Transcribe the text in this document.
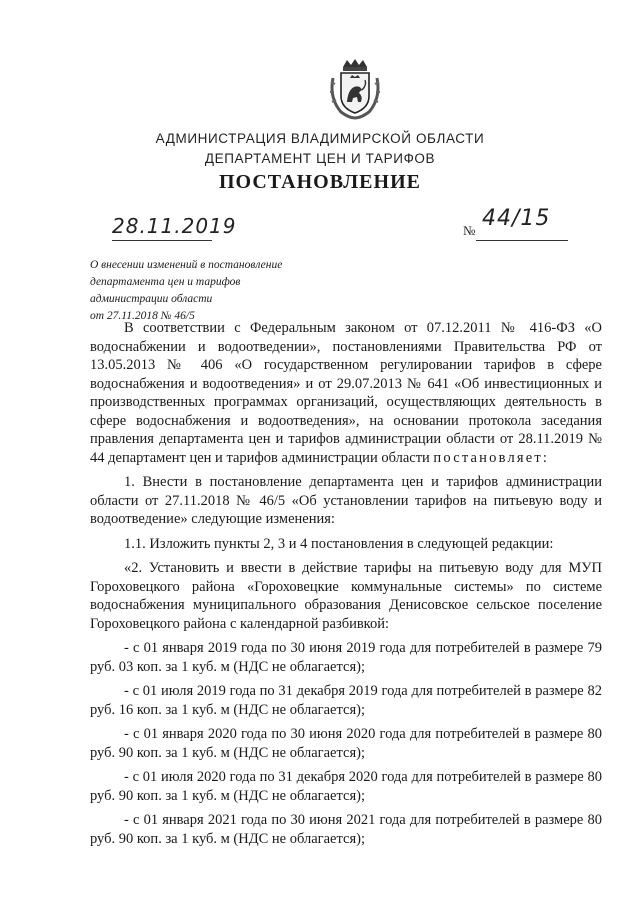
АДМИНИСТРАЦИЯ ВЛАДИМИРСКОЙ ОБЛАСТИ
ДЕПАРТАМЕНТ ЦЕН И ТАРИФОВ
ПОСТАНОВЛЕНИЕ
28.11.2019	№ 44/15
О внесении изменений в постановление
департамента цен и тарифов
администрации области
от 27.11.2018 № 46/5

В соответствии с Федеральным законом от 07.12.2011 № 416-ФЗ «О водоснабжении и водоотведении», постановлениями Правительства РФ от 13.05.2013 № 406 «О государственном регулировании тарифов в сфере водоснабжения и водоотведения» и от 29.07.2013 № 641 «Об инвестиционных и производственных программах организаций, осуществляющих деятельность в сфере водоснабжения и водоотведения», на основании протокола заседания правления департамента цен и тарифов администрации области от 28.11.2019 № 44 департамент цен и тарифов администрации области постановляет:

1. Внести в постановление департамента цен и тарифов администрации области от 27.11.2018 № 46/5 «Об установлении тарифов на питьевую воду и водоотведение» следующие изменения:

1.1. Изложить пункты 2, 3 и 4 постановления в следующей редакции:

«2. Установить и ввести в действие тарифы на питьевую воду для МУП Гороховецкого района «Гороховецкие коммунальные системы» по системе водоснабжения муниципального образования Денисовское сельское поселение Гороховецкого района с календарной разбивкой:

- с 01 января 2019 года по 30 июня 2019 года для потребителей в размере 79 руб. 03 коп. за 1 куб. м (НДС не облагается);

- с 01 июля 2019 года по 31 декабря 2019 года для потребителей в размере 82 руб. 16 коп. за 1 куб. м (НДС не облагается);

- с 01 января 2020 года по 30 июня 2020 года для потребителей в размере 80 руб. 90 коп. за 1 куб. м (НДС не облагается);

- с 01 июля 2020 года по 31 декабря 2020 года для потребителей в размере 80 руб. 90 коп. за 1 куб. м (НДС не облагается);

- с 01 января 2021 года по 30 июня 2021 года для потребителей в размере 80 руб. 90 коп. за 1 куб. м (НДС не облагается);
